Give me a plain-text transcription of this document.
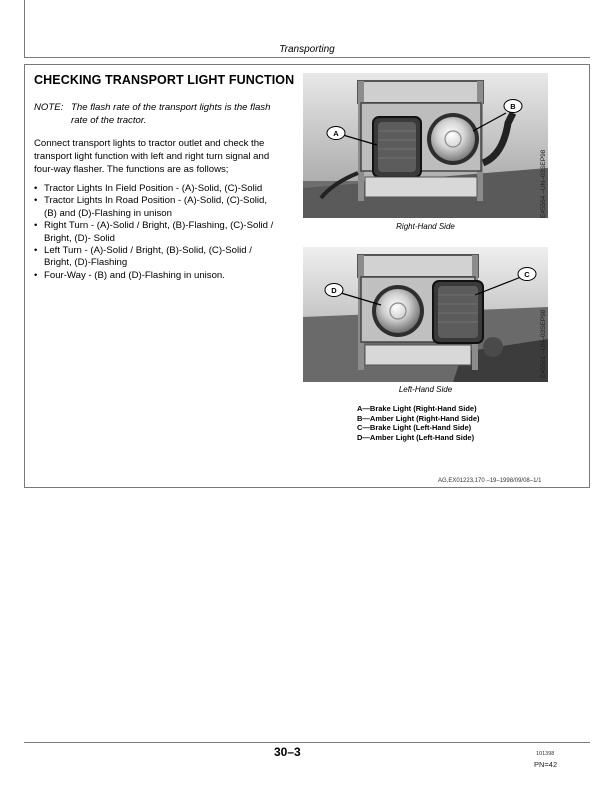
Transporting
CHECKING TRANSPORT LIGHT FUNCTION
NOTE: The flash rate of the transport lights is the flash
rate of the tractor.
Connect transport lights to tractor outlet and check the
transport light function with left and right turn signal and
four-way flasher. The functions are as follows;
• Tractor Lights In Field Position - (A)-Solid, (C)-Solid
• Tractor Lights In Road Position - (A)-Solid, (C)-Solid,
(B) and (D)-Flashing in unison
• Right Turn - (A)-Solid / Bright, (B)-Flashing, (C)-Solid /
Bright, (D)- Solid
• Left Turn - (A)-Solid / Bright, (B)-Solid, (C)-Solid /
Bright, (D)-Flashing
• Four-Way - (B) and (D)-Flashing in unison.
A
B
E45564 –UN–03SEP98
Right-Hand Side
D
C
E45561 –UN–03SEP98
Left-Hand Side
A—Brake Light (Right-Hand Side)
B—Amber Light (Right-Hand Side)
C—Brake Light (Left-Hand Side)
D—Amber Light (Left-Hand Side)
AG,EX01223,170 –19–1998/09/08–1/1
30–3	101398
PN=42
